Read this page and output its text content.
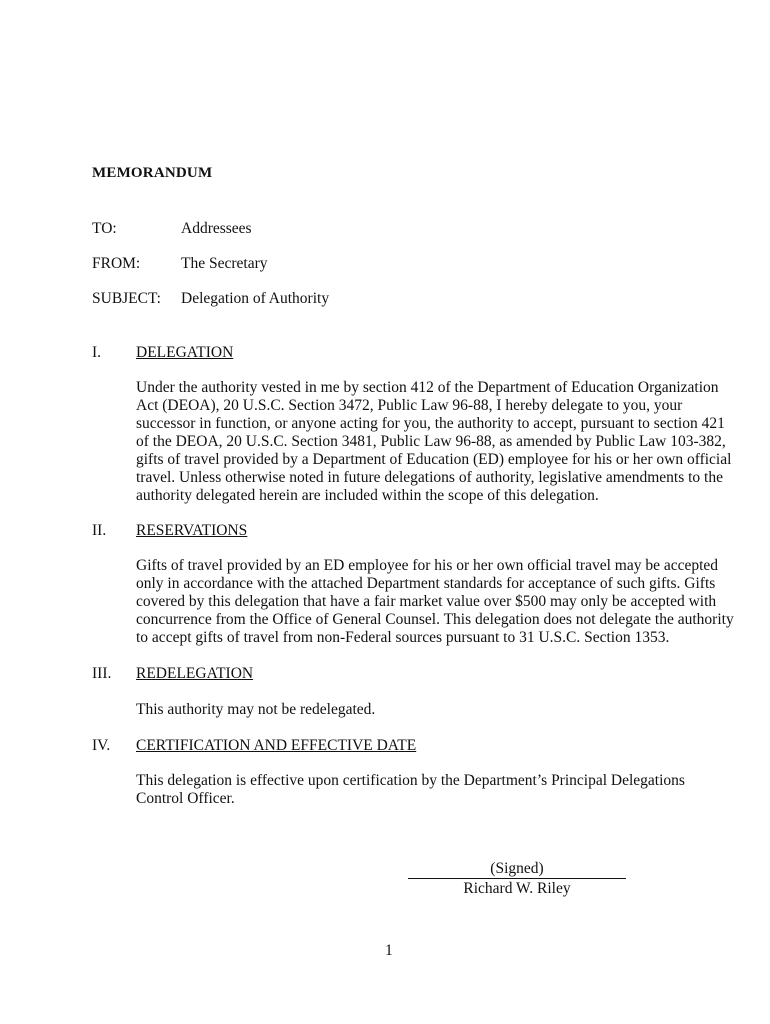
MEMORANDUM
TO:	Addressees
FROM:	The Secretary
SUBJECT: Delegation of Authority
I. DELEGATION
Under the authority vested in me by section 412 of the Department of Education Organization Act (DEOA), 20 U.S.C. Section 3472, Public Law 96-88, I hereby delegate to you, your successor in function, or anyone acting for you, the authority to accept, pursuant to section 421 of the DEOA, 20 U.S.C. Section 3481, Public Law 96-88, as amended by Public Law 103-382, gifts of travel provided by a Department of Education (ED) employee for his or her own official travel. Unless otherwise noted in future delegations of authority, legislative amendments to the authority delegated herein are included within the scope of this delegation.
II. RESERVATIONS
Gifts of travel provided by an ED employee for his or her own official travel may be accepted only in accordance with the attached Department standards for acceptance of such gifts. Gifts covered by this delegation that have a fair market value over $500 may only be accepted with concurrence from the Office of General Counsel. This delegation does not delegate the authority to accept gifts of travel from non-Federal sources pursuant to 31 U.S.C. Section 1353.
III. REDELEGATION
This authority may not be redelegated.
IV. CERTIFICATION AND EFFECTIVE DATE
This delegation is effective upon certification by the Department’s Principal Delegations Control Officer.
(Signed)
Richard W. Riley
1
